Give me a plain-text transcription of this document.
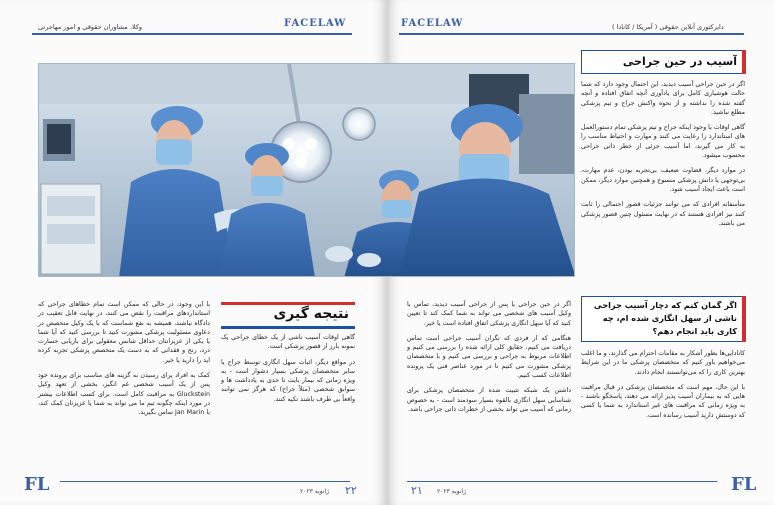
وکلا، مشاوران حقوقی و امور مهاجرتی	FACELAW
نتیجه گیری

گاهی اوقات آسیب ناشی از یک خطای جراحی یک نمونه بارز از قصور پزشکی است.

در مواقع دیگر، اثبات سهل انگاری توسط جراح یا سایر متخصصان پزشکی بسیار دشوار است - به ویژه زمانی که بیمار بایت تا حدی به یادداشت ها و سوابق شخصی (مثلاً جراح) که هرگز نمی توانند واقعاً بی طرف باشند تکیه کنند.

با این وجود، در حالی که ممکن است تمام خطاهای جراحی که استانداردهای مراقبت را نقض می کنند، در نهایت قابل تعقیب در دادگاه نباشند، همیشه به نفع شماست که با یک وکیل متخصص در دعاوی مسئولیت پزشکی مشورت کنید تا بررسی کنید که آیا شما یا یکی از عزیزانتان حداقل شانس معقولی برای بازیابی خسارت درد، رنج و فقدانی که به دست یک متخصص پزشکی تجربه کرده اید را دارید یا خیر.

کمک به افراد برای رسیدن به گزینه های مناسب برای پرونده خود پس از یک آسیب شخصی غم انگیز، بخشی از تعهد وکیل Gluckstein به مراقبت کامل است. برای کسب اطلاعات بیشتر در مورد اینکه چگونه تیم ما می تواند به شما یا عزیزتان کمک کند، با Jan Marin تماس بگیرید.

FL	ژانویه ۲۰۲۳ ۲۲
FACELAW	دایرکتوری آنلاین حقوقی ( آمریکا / کانادا )
آسیب در حین جراحی

اگر در حین جراحی آسیب دیدید، این احتمال وجود دارد که شما حالت هوشیاری کامل برای یادآوری آنچه اتفاق افتاده و آنچه گفته شده را نداشته و از نحوه واکنش جراح و تیم پزشکی مطلع نباشید.

گاهی اوقات با وجود اینکه جراح و تیم پزشکی تمام دستورالعمل های استاندارد را رعایت می کنند و مهارت و احتیاط مناسب را به کار می گیرند، اما آسیب جزئی از خطر ذاتی جراحی محسوب میشود.

در موارد دیگر، قضاوت ضعیف، بی‌تجربه بودن، عدم مهارت، بی‌توجهی یا دانش پزشکی منسوخ و همچنین موارد دیگر، ممکن است باعث ایجاد آسیب شود.

متأسفانه افرادی که می توانند جزئیات قصور احتمالی را ثابت کنند نیز افرادی هستند که در نهایت مسئول چنین قصور پزشکی می باشند.

اگر گمان کنم که دچار آسیب جراحی ناشی از سهل انگاری شده ام، چه کاری باید انجام دهم؟

کانادایی‌ها بطور آشکار به مقامات احترام می گذارند، و ما اغلب می‌خواهیم باور کنیم که متخصصان پزشکی ما در این شرایط بهترین کاری را که می‌توانستند انجام دادند.

با این حال، مهم است که متخصصان پزشکی در قبال مراقبت هایی که به بیماران آسیب پذیر ارائه می دهند، پاسخگو باشند - به ویژه زمانی که مراقبت های غیر استاندارد به شما یا کسی که دوستش دارید آسیب رسانده است.

اگر در حین جراحی یا پس از جراحی آسیب دیدید، تماس با وکیل آسیب های شخصی می تواند به شما کمک کند تا تعیین کنید که آیا سهل انگاری پزشکی اتفاق افتاده است یا خیر.

هنگامی که از فردی که نگران آسیب جراحی است تماس دریافت می کنیم، حقایق کلی ارائه شده را بررسی می کنیم و اطلاعات مربوط به جراحی و بررسی می کنیم و با متخصصان پزشکی مشورت می کنیم تا در مورد عناصر فنی یک پرونده اطلاعات کسب کنیم.

داشتن یک شبکه تثبیت شده از متخصصان پزشکی برای شناسایی سهل انگاری بالقوه بسیار سودمند است - به خصوص زمانی که آسیب می تواند بخشی از خطرات ذاتی جراحی باشد.

۲۱ ژانویه ۲۰۲۳	FL
